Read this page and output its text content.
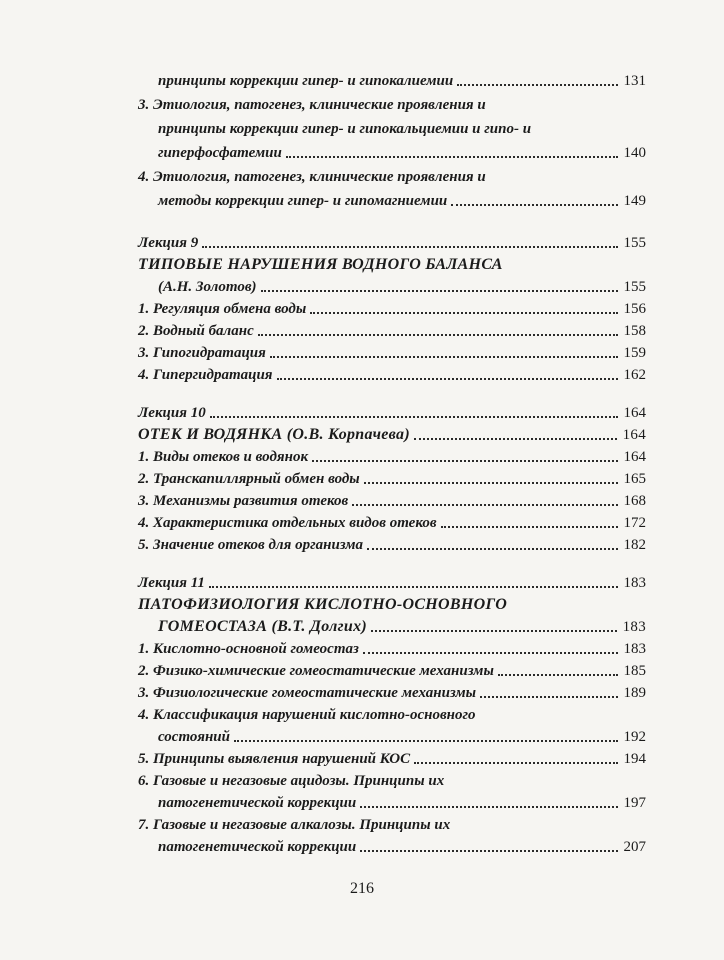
принципы коррекции гипер- и гипокалиемии	131
3. Этиология, патогенез, клинические проявления и
принципы коррекции гипер- и гипокальциемии и гипо- и
гиперфосфатемии	140
4. Этиология, патогенез, клинические проявления и
методы коррекции гипер- и гипомагниемии	149
Лекция 9	155
ТИПОВЫЕ НАРУШЕНИЯ ВОДНОГО БАЛАНСА
(А.Н. Золотов)	155
1. Регуляция обмена воды	156
2. Водный баланс	158
3. Гипогидратация	159
4. Гипергидратация	162
Лекция 10	164
ОТЕК И ВОДЯНКА (О.В. Корпачева)	164
1. Виды отеков и водянок	164
2. Транскапиллярный обмен воды	165
3. Механизмы развития отеков	168
4. Характеристика отдельных видов отеков	172
5. Значение отеков для организма	182
Лекция 11	183
ПАТОФИЗИОЛОГИЯ КИСЛОТНО-ОСНОВНОГО
ГОМЕОСТАЗА (В.Т. Долгих)	183
1. Кислотно-основной гомеостаз	183
2. Физико-химические гомеостатические механизмы	185
3. Физиологические гомеостатические механизмы	189
4. Классификация нарушений кислотно-основного
состояний	192
5. Принципы выявления нарушений КОС	194
6. Газовые и негазовые ацидозы. Принципы их
патогенетической коррекции	197
7. Газовые и негазовые алкалозы. Принципы их
патогенетической коррекции	207
216
